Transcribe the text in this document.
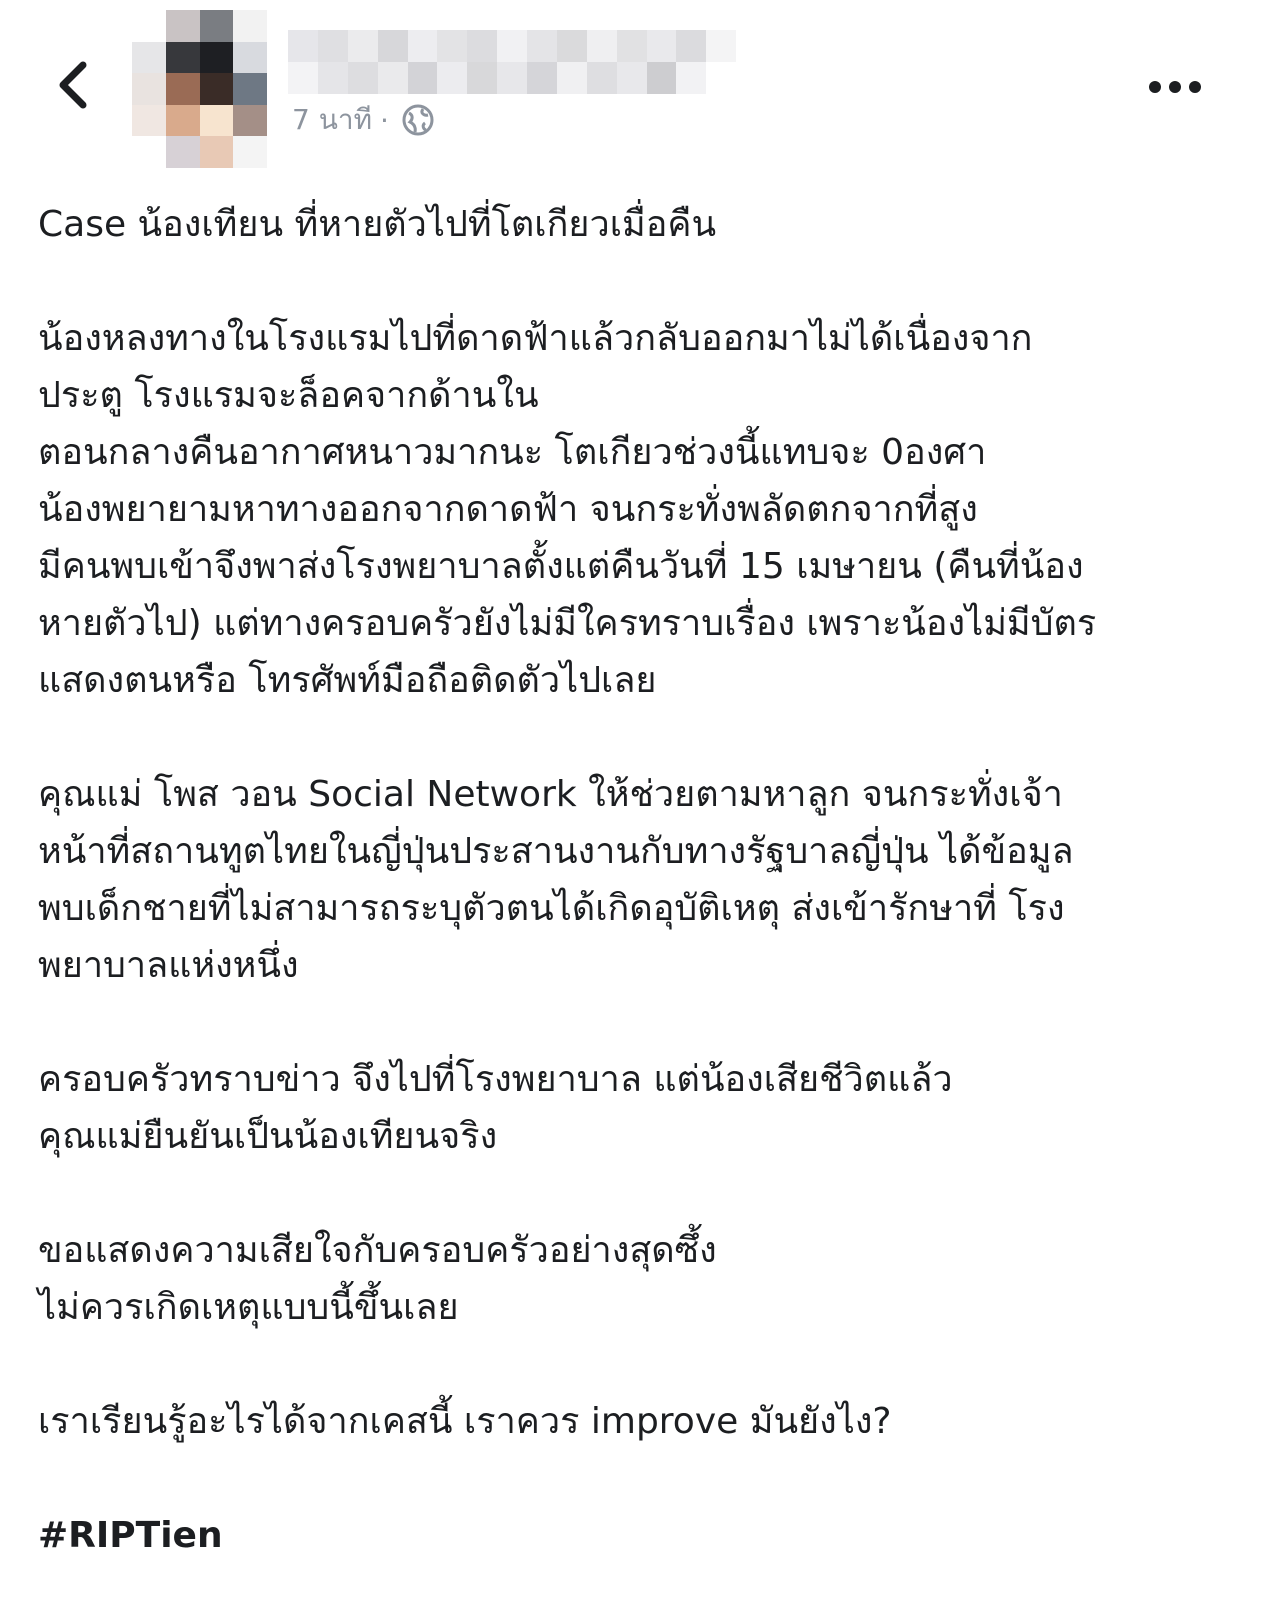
7 นาที ·

Case น้องเทียน ที่หายตัวไปที่โตเกียวเมื่อคืน

น้องหลงทางในโรงแรมไปที่ดาดฟ้าแล้วกลับออกมาไม่ได้เนื่องจาก

ประตู โรงแรมจะล็อคจากด้านใน

ตอนกลางคืนอากาศหนาวมากนะ โตเกียวช่วงนี้แทบจะ 0องศา

น้องพยายามหาทางออกจากดาดฟ้า จนกระทั่งพลัดตกจากที่สูง

มีคนพบเข้าจึงพาส่งโรงพยาบาลตั้งแต่คืนวันที่ 15 เมษายน (คืนที่น้อง

หายตัวไป) แต่ทางครอบครัวยังไม่มีใครทราบเรื่อง เพราะน้องไม่มีบัตร

แสดงตนหรือ โทรศัพท์มือถือติดตัวไปเลย

คุณแม่ โพส วอน Social Network ให้ช่วยตามหาลูก จนกระทั่งเจ้า

หน้าที่สถานทูตไทยในญี่ปุ่นประสานงานกับทางรัฐบาลญี่ปุ่น ได้ข้อมูล

พบเด็กชายที่ไม่สามารถระบุตัวตนได้เกิดอุบัติเหตุ ส่งเข้ารักษาที่ โรง

พยาบาลแห่งหนึ่ง

ครอบครัวทราบข่าว จึงไปที่โรงพยาบาล แต่น้องเสียชีวิตแล้ว

คุณแม่ยืนยันเป็นน้องเทียนจริง

ขอแสดงความเสียใจกับครอบครัวอย่างสุดซึ้ง

ไม่ควรเกิดเหตุแบบนี้ขึ้นเลย

เราเรียนรู้อะไรได้จากเคสนี้ เราควร improve มันยังไง?

#RIPTien
